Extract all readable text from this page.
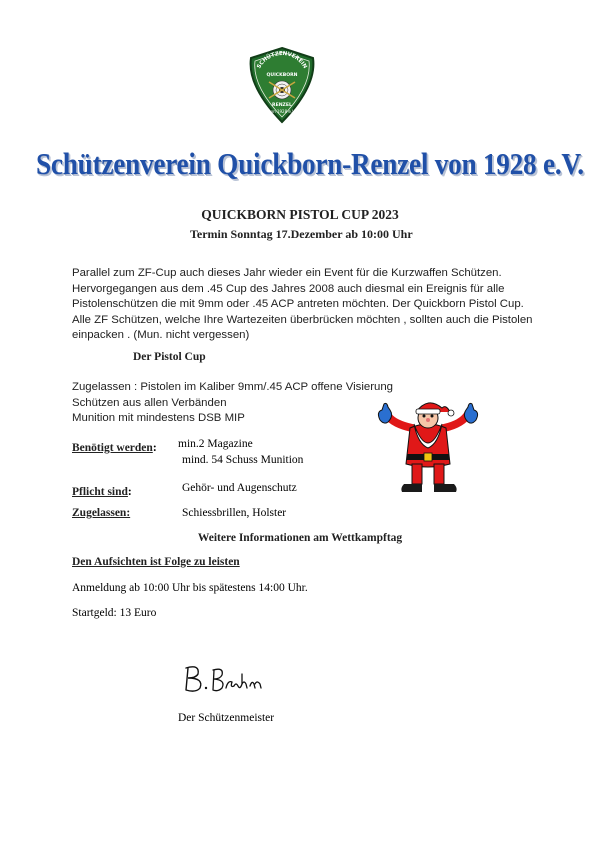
SCHÜTZENVEREIN
QUICKBORN
RENZEL
von 1928 e.V.
Schützenverein Quickborn-Renzel von 1928 e.V.
QUICKBORN PISTOL CUP 2023
Termin Sonntag 17.Dezember ab 10:00 Uhr
Parallel zum ZF-Cup auch dieses Jahr wieder ein Event für die Kurzwaffen Schützen.
Hervorgegangen aus dem .45 Cup des Jahres 2008 auch diesmal ein Ereignis für alle
Pistolenschützen die mit 9mm oder .45 ACP antreten möchten. Der Quickborn Pistol Cup.
Alle ZF Schützen, welche Ihre Wartezeiten überbrücken möchten , sollten auch die Pistolen
einpacken . (Mun. nicht vergessen)
Der Pistol Cup
Zugelassen : Pistolen im Kaliber 9mm/.45 ACP offene Visierung
Schützen aus allen Verbänden
Munition mit mindestens DSB MIP
Benötigt werden: min.2 Magazine
mind. 54 Schuss Munition
Pflicht sind:	Gehör- und Augenschutz
Zugelassen:	Schiessbrillen, Holster
Weitere Informationen am Wettkampftag
Den Aufsichten ist Folge zu leisten
Anmeldung ab 10:00 Uhr bis spätestens 14:00 Uhr.
Startgeld: 13 Euro
Der Schützenmeister
